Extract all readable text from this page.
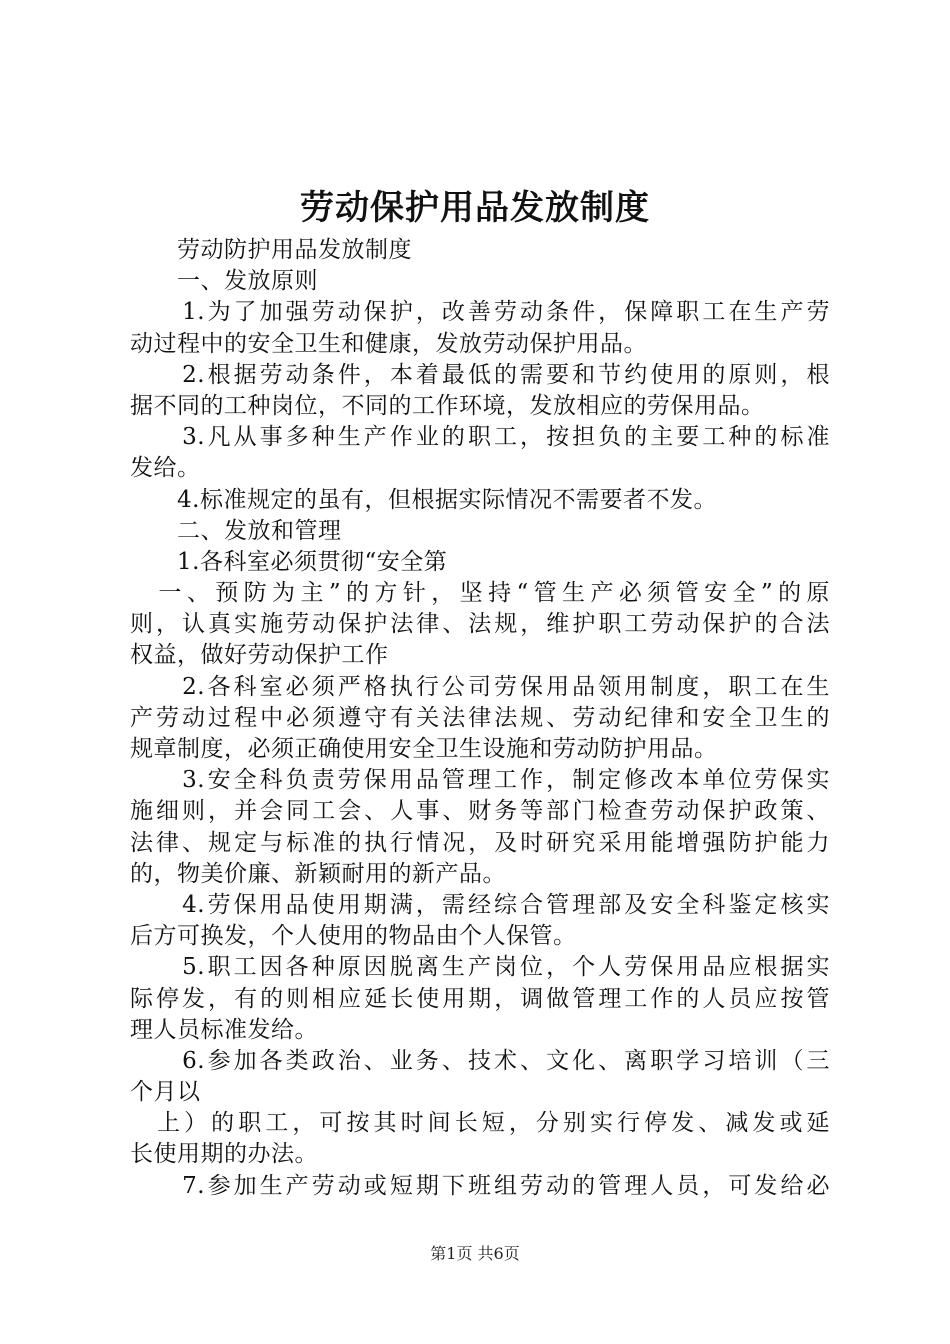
劳动保护用品发放制度
　　劳动防护用品发放制度
　　一、发放原则
　　1.为了加强劳动保护，改善劳动条件，保障职工在生产劳
动过程中的安全卫生和健康，发放劳动保护用品。
　　2.根据劳动条件，本着最低的需要和节约使用的原则，根
据不同的工种岗位，不同的工作环境，发放相应的劳保用品。
　　3.凡从事多种生产作业的职工，按担负的主要工种的标准
发给。
　　4.标准规定的虽有，但根据实际情况不需要者不发。
　　二、发放和管理
　　1.各科室必须贯彻“安全第
　一、预防为主”的方针，坚持“管生产必须管安全”的原
则，认真实施劳动保护法律、法规，维护职工劳动保护的合法
权益，做好劳动保护工作
　　2.各科室必须严格执行公司劳保用品领用制度，职工在生
产劳动过程中必须遵守有关法律法规、劳动纪律和安全卫生的
规章制度，必须正确使用安全卫生设施和劳动防护用品。
　　3.安全科负责劳保用品管理工作，制定修改本单位劳保实
施细则，并会同工会、人事、财务等部门检查劳动保护政策、
法律、规定与标准的执行情况，及时研究采用能增强防护能力
的，物美价廉、新颖耐用的新产品。
　　4.劳保用品使用期满，需经综合管理部及安全科鉴定核实
后方可换发，个人使用的物品由个人保管。
　　5.职工因各种原因脱离生产岗位，个人劳保用品应根据实
际停发，有的则相应延长使用期，调做管理工作的人员应按管
理人员标准发给。
　　6.参加各类政治、业务、技术、文化、离职学习培训（三
个月以
　上）的职工，可按其时间长短，分别实行停发、减发或延
长使用期的办法。
　　7.参加生产劳动或短期下班组劳动的管理人员，可发给必
第1页 共6页
